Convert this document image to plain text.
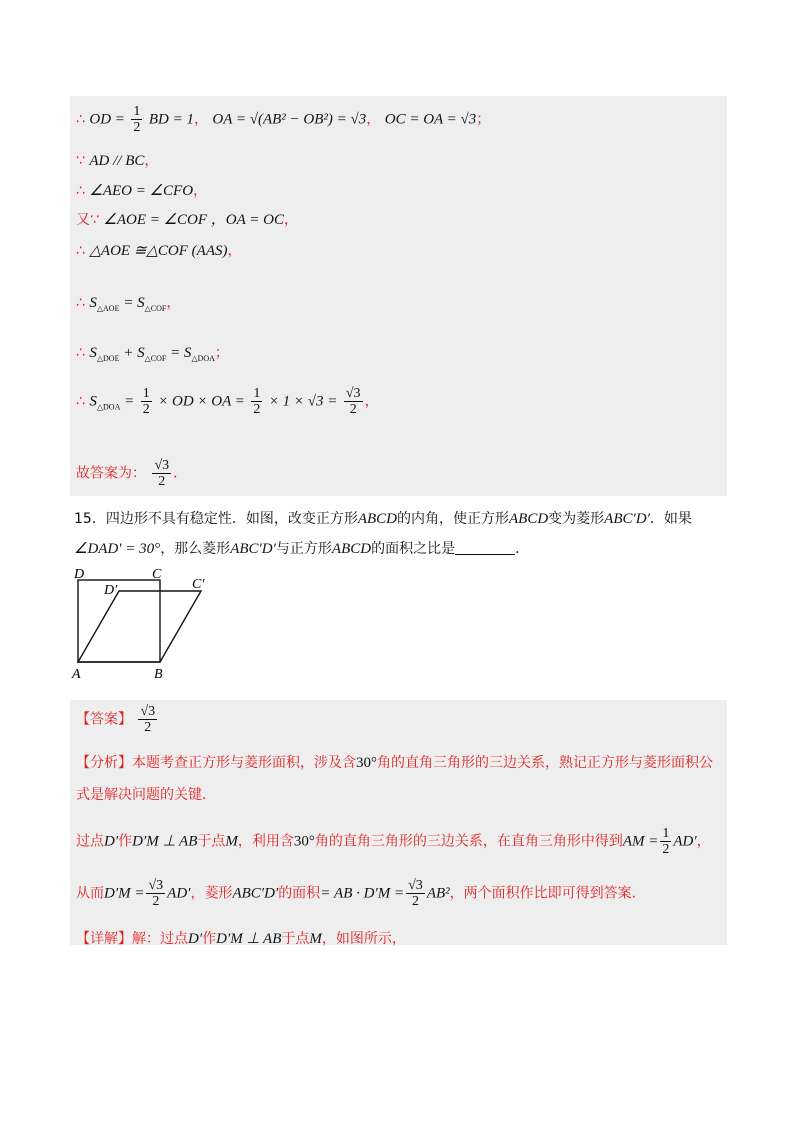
∴ OD = $\frac{1}{2}$ BD = 1， OA = √(AB² − OB²) = √3， OC = OA = √3；
∵ AD // BC，
∴ ∠AEO = ∠CFO，
又∵ ∠AOE = ∠COF ，OA = OC，
∴ △AOE ≅△COF (AAS)，
∴ $S_{\triangle AOE} = S_{\triangle COF}$，
∴ $S_{\triangle DOE} + S_{\triangle COF} = S_{\triangle DOA}$；
∴ $S_{\triangle DOA} = \frac{1}{2}$ × OD × OA = $\frac{1}{2} \times 1 \times √3 = \frac{√3}{2}$ ，
故答案为： $\frac{√3}{2}$ ．
15．四边形不具有稳定性．如图，改变正方形ABCD的内角，使正方形ABCD变为菱形ABC′D′．如果
∠DAD′ = 30°，那么菱形ABC′D′与正方形ABCD的面积之比是	．
D	C
D′	C′
A	B
【答案】 $\frac{√3}{2}$
【分析】本题考查正方形与菱形面积，涉及含30°角的直角三角形的三边关系，熟记正方形与菱形面积公
式是解决问题的关键．
过点D′作D′M ⊥ AB于点M，利用含30°角的直角三角形的三边关系，在直角三角形中得到AM = $\frac{1}{2} AD'$，
从而$D'M = \frac{√3}{2} AD'$，菱形ABC′D′的面积= AB · $D'M = \frac{√3}{2} AB^2$，两个面积作比即可得到答案．
【详解】解：过点D′作D′M ⊥ AB于点M，如图所示，
